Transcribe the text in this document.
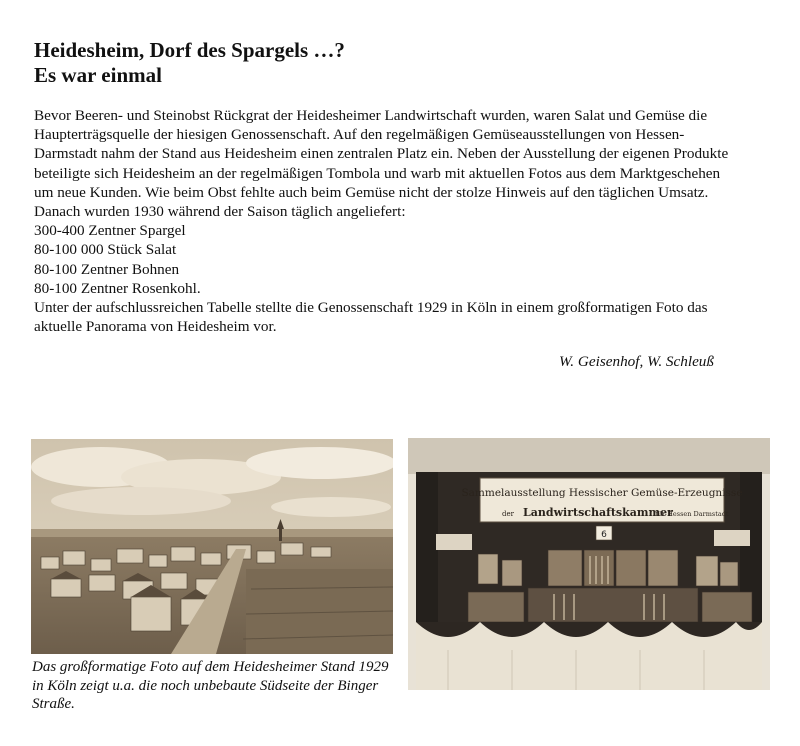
Heidesheim, Dorf des Spargels …?
Es war einmal

Bevor Beeren- und Steinobst Rückgrat der Heidesheimer Landwirtschaft wurden, waren Salat und Gemüse die Haupterträgsquelle der hiesigen Genossenschaft. Auf den regelmäßigen Gemüseausstellungen von Hessen-Darmstadt nahm der Stand aus Heidesheim einen zentralen Platz ein. Neben der Ausstellung der eigenen Produkte beteiligte sich Heidesheim an der regelmäßigen Tombola und warb mit aktuellen Fotos aus dem Marktgeschehen um neue Kunden. Wie beim Obst fehlte auch beim Gemüse nicht der stolze Hinweis auf den täglichen Umsatz. Danach wurden 1930 während der Saison täglich angeliefert:

300-400 Zentner Spargel
80-100 000 Stück Salat
80-100 Zentner Bohnen
80-100 Zentner Rosenkohl.

Unter der aufschlussreichen Tabelle stellte die Genossenschaft 1929 in Köln in einem großformatigen Foto das aktuelle Panorama von Heidesheim vor.

W. Geisenhof, W. Schleuß
Das großformatige Foto auf dem Heidesheimer Stand 1929 in Köln zeigt u.a. die noch unbebaute Südseite der Binger Straße.
Sammelausstellung Hessischer Gemüse-Erzeugnisse
der Landwirtschaftskammer
für Hessen Darmstadt
6
